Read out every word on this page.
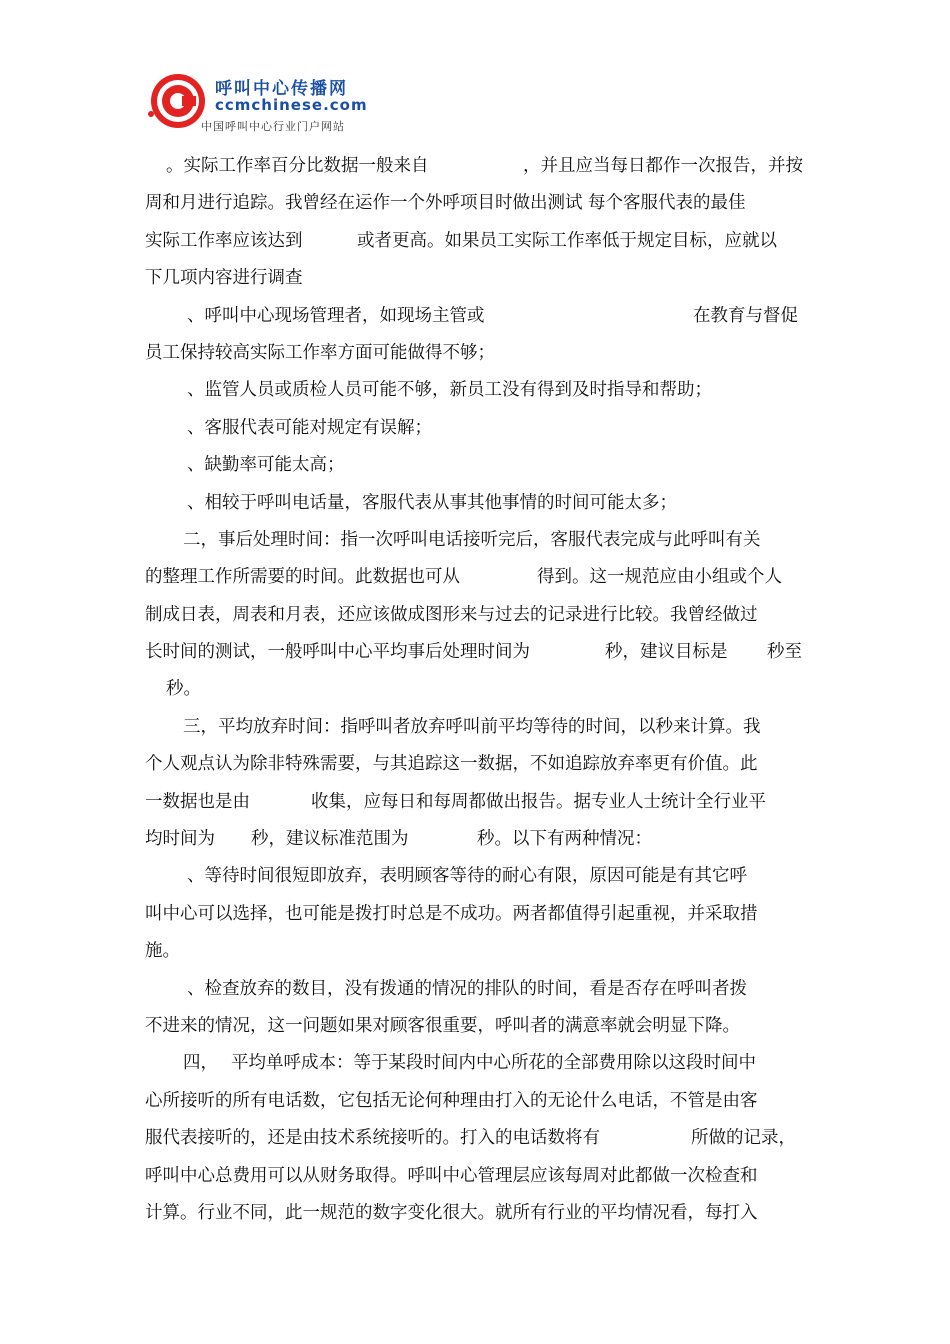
呼叫中心传播网
ccmchinese.com
中国呼叫中心行业门户网站
。实际工作率百分比数据一般来自	，并且应当每日都作一次报告，并按
周和月进行追踪。我曾经在运作一个外呼项目时做出测试 每个客服代表的最佳
实际工作率应该达到	或者更高。如果员工实际工作率低于规定目标，应就以
下几项内容进行调查
、呼叫中心现场管理者，如现场主管或	在教育与督促
员工保持较高实际工作率方面可能做得不够；
、监管人员或质检人员可能不够，新员工没有得到及时指导和帮助；
、客服代表可能对规定有误解；
、缺勤率可能太高；
、相较于呼叫电话量，客服代表从事其他事情的时间可能太多；
二，事后处理时间：指一次呼叫电话接听完后，客服代表完成与此呼叫有关
的整理工作所需要的时间。此数据也可从	得到。这一规范应由小组或个人
制成日表，周表和月表，还应该做成图形来与过去的记录进行比较。我曾经做过
长时间的测试，一般呼叫中心平均事后处理时间为	秒，建议目标是 秒至
秒。
三，平均放弃时间：指呼叫者放弃呼叫前平均等待的时间，以秒来计算。我
个人观点认为除非特殊需要，与其追踪这一数据，不如追踪放弃率更有价值。此
一数据也是由	收集，应每日和每周都做出报告。据专业人士统计全行业平
均时间为 秒，建议标准范围为	秒。以下有两种情况：
、等待时间很短即放弃，表明顾客等待的耐心有限，原因可能是有其它呼
叫中心可以选择，也可能是拨打时总是不成功。两者都值得引起重视，并采取措
施。
、检查放弃的数目，没有拨通的情况的排队的时间，看是否存在呼叫者拨
不进来的情况，这一问题如果对顾客很重要，呼叫者的满意率就会明显下降。
四， 平均单呼成本：等于某段时间内中心所花的全部费用除以这段时间中
心所接听的所有电话数，它包括无论何种理由打入的无论什么电话，不管是由客
服代表接听的，还是由技术系统接听的。打入的电话数将有	所做的记录，
呼叫中心总费用可以从财务取得。呼叫中心管理层应该每周对此都做一次检查和
计算。行业不同，此一规范的数字变化很大。就所有行业的平均情况看，每打入
